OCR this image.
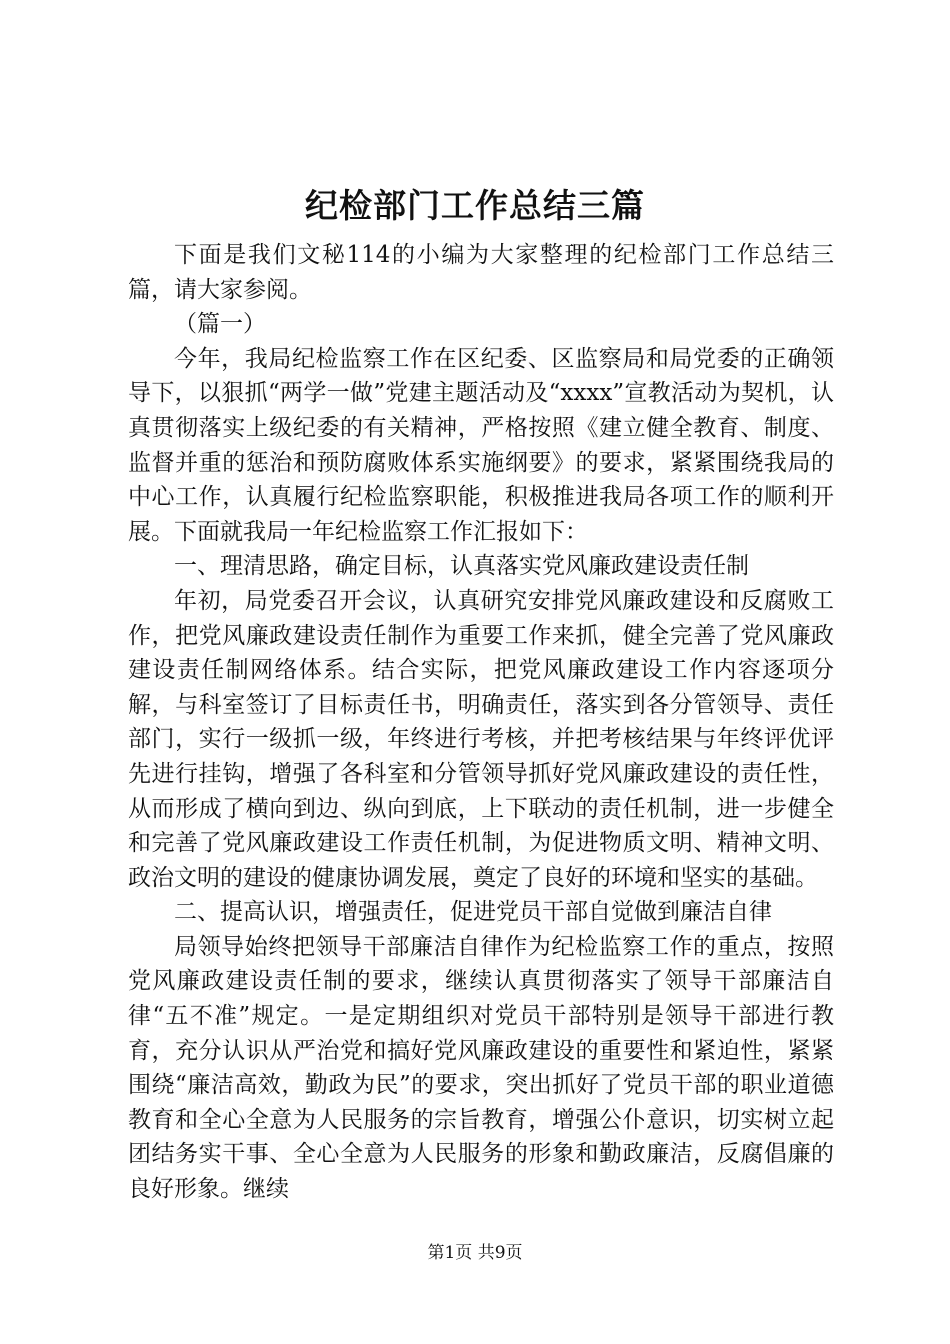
纪检部门工作总结三篇

下面是我们文秘114的小编为大家整理的纪检部门工作总结三篇，请大家参阅。

（篇一）

今年，我局纪检监察工作在区纪委、区监察局和局党委的正确领导下，以狠抓“两学一做”党建主题活动及“xxxx”宣教活动为契机，认真贯彻落实上级纪委的有关精神，严格按照《建立健全教育、制度、监督并重的惩治和预防腐败体系实施纲要》的要求，紧紧围绕我局的中心工作，认真履行纪检监察职能，积极推进我局各项工作的顺利开展。下面就我局一年纪检监察工作汇报如下：

一、理清思路，确定目标，认真落实党风廉政建设责任制

年初，局党委召开会议，认真研究安排党风廉政建设和反腐败工作，把党风廉政建设责任制作为重要工作来抓，健全完善了党风廉政建设责任制网络体系。结合实际，把党风廉政建设工作内容逐项分解，与科室签订了目标责任书，明确责任，落实到各分管领导、责任部门，实行一级抓一级，年终进行考核，并把考核结果与年终评优评先进行挂钩，增强了各科室和分管领导抓好党风廉政建设的责任性，从而形成了横向到边、纵向到底，上下联动的责任机制，进一步健全和完善了党风廉政建设工作责任机制，为促进物质文明、精神文明、政治文明的建设的健康协调发展，奠定了良好的环境和坚实的基础。

二、提高认识，增强责任，促进党员干部自觉做到廉洁自律

局领导始终把领导干部廉洁自律作为纪检监察工作的重点，按照党风廉政建设责任制的要求，继续认真贯彻落实了领导干部廉洁自律“五不准”规定。一是定期组织对党员干部特别是领导干部进行教育，充分认识从严治党和搞好党风廉政建设的重要性和紧迫性，紧紧围绕“廉洁高效，勤政为民”的要求，突出抓好了党员干部的职业道德教育和全心全意为人民服务的宗旨教育，增强公仆意识，切实树立起团结务实干事、全心全意为人民服务的形象和勤政廉洁，反腐倡廉的良好形象。继续

第1页 共9页
